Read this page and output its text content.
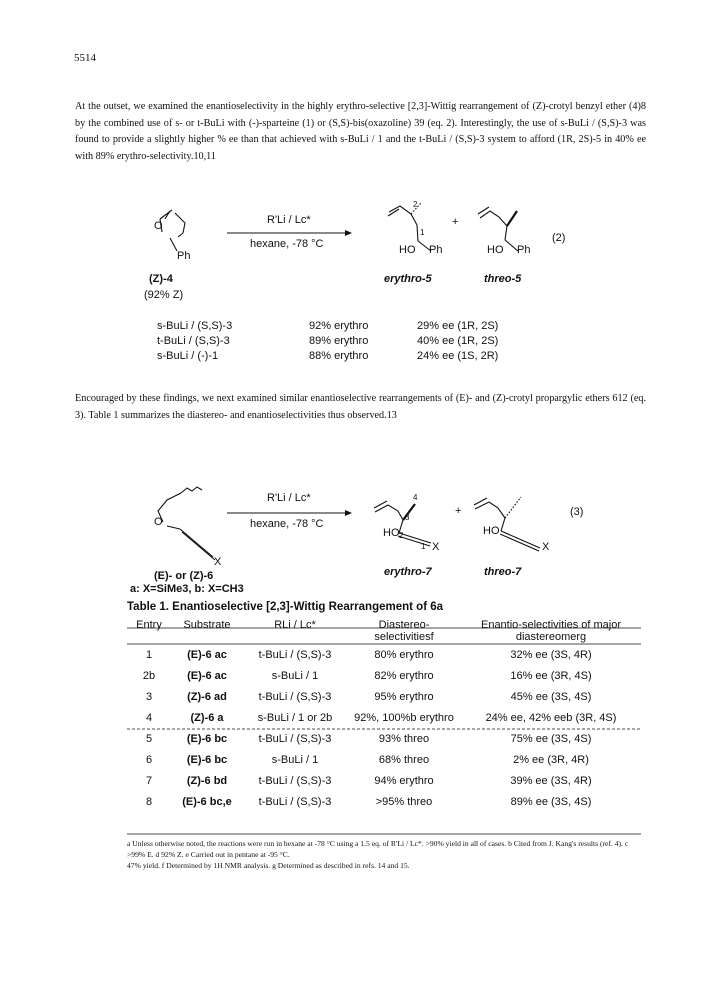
5514
At the outset, we examined the enantioselectivity in the highly erythro-selective [2,3]-Wittig rearrangement of (Z)-crotyl benzyl ether (4)8 by the combined use of s- or t-BuLi with (-)-sparteine (1) or (S,S)-bis(oxazoline) 39 (eq. 2). Interestingly, the use of s-BuLi / (S,S)-3 was found to provide a slightly higher % ee than that achieved with s-BuLi / 1 and the t-BuLi / (S,S)-3 system to afford (1R, 2S)-5 in 40% ee with 89% erythro-selectivity.10,11
O
Ph
R'Li / Lc*
hexane, -78 °C	HO Ph
2
1
+
HO Ph
(2)
(Z)-4
(92% Z)
erythro-5	threo-5
s-BuLi / (S,S)-3	92% erythro	29% ee (1R, 2S)
t-BuLi / (S,S)-3	89% erythro	40% ee (1R, 2S)
s-BuLi / (-)-1	88% erythro	24% ee (1S, 2R)
Encouraged by these findings, we next examined similar enantioselective rearrangements of (E)- and (Z)-crotyl propargylic ethers 612 (eq. 3). Table 1 summarizes the diastereo- and enantioselectivities thus observed.13
O
X
R'Li / Lc*
hexane, -78 °C
HO
X
4
3
2
1
+
HO
X
(3)
erythro-7	threo-7
(E)- or (Z)-6
a: X=SiMe3, b: X=CH3
Table 1. Enantioselective [2,3]-Wittig Rearrangement of 6a
Entry	Substrate	RLi / Lc*	Diastereo-selectivitiesf	Enantio-selectivities of major diastereomerg
1	(E)-6 ac	t-BuLi / (S,S)-3	80% erythro	32% ee (3S, 4R)
2b	(E)-6 ac	s-BuLi / 1	82% erythro	16% ee (3R, 4S)
3	(Z)-6 ad	t-BuLi / (S,S)-3	95% erythro	45% ee (3S, 4S)
4	(Z)-6 a	s-BuLi / 1 or 2b	92%, 100%b erythro	24% ee, 42% eeb (3R, 4S)
5	(E)-6 bc	t-BuLi / (S,S)-3	93% threo	75% ee (3S, 4S)
6	(E)-6 bc	s-BuLi / 1	68% threo	2% ee (3R, 4R)
7	(Z)-6 bd	t-BuLi / (S,S)-3	94% erythro	39% ee (3S, 4R)
8	(E)-6 bc,e	t-BuLi / (S,S)-3	>95% threo	89% ee (3S, 4S)
a Unless otherwise noted, the reactions were run in hexane at -78 °C using a 1.5 eq. of R'Li / Lc*. >90% yield in all of cases. b Cited from J. Kang's results (ref. 4). c >99% E. d 92% Z. e Carried out in pentane at -95 °C.
47% yield. f Determined by 1H NMR analysis. g Determined as described in refs. 14 and 15.
